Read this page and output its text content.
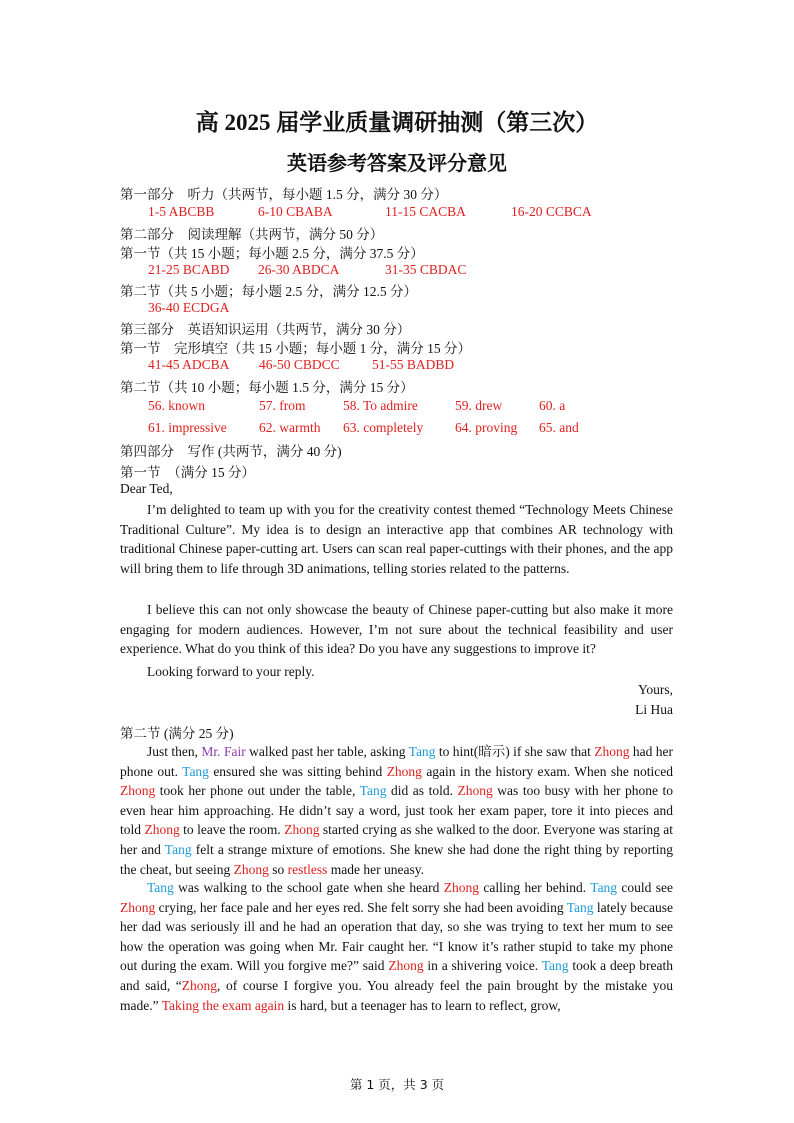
高 2025 届学业质量调研抽测（第三次）
英语参考答案及评分意见
第一部分　听力（共两节，每小题 1.5 分，满分 30 分）
1-5 ABCBB	6-10 CBABA	11-15 CACBA	16-20 CCBCA
第二部分　阅读理解（共两节，满分 50 分）
第一节（共 15 小题；每小题 2.5 分，满分 37.5 分）
21-25 BCABD 26-30 ABDCA	31-35 CBDAC
第二节（共 5 小题；每小题 2.5 分，满分 12.5 分）
36-40 ECDGA
第三部分　英语知识运用（共两节，满分 30 分）
第一节　完形填空（共 15 小题；每小题 1 分，满分 15 分）
41-45 ADCBA 46-50 CBDCC 51-55 BADBD
第二节（共 10 小题；每小题 1.5 分，满分 15 分）
56. known	57. from	58. To admire	59. drew	60. a
61. impressive 62. warmth 63. completely 64. proving 65. and
第四部分　写作 (共两节，满分 40 分)
第一节　（满分 15 分）
Dear Ted,

I’m delighted to team up with you for the creativity contest themed “Technology Meets Chinese Traditional Culture”. My idea is to design an interactive app that combines AR technology with traditional Chinese paper-cutting art. Users can scan real paper-cuttings with their phones, and the app will bring them to life through 3D animations, telling stories related to the patterns.

I believe this can not only showcase the beauty of Chinese paper-cutting but also make it more engaging for modern audiences. However, I’m not sure about the technical feasibility and user experience. What do you think of this idea? Do you have any suggestions to improve it?

Looking forward to your reply.

Yours,
Li Hua
第二节 (满分 25 分)

Just then, Mr. Fair walked past her table, asking Tang to hint(暗示) if she saw that Zhong had her phone out. Tang ensured she was sitting behind Zhong again in the history exam. When she noticed Zhong took her phone out under the table, Tang did as told. Zhong was too busy with her phone to even hear him approaching. He didn’t say a word, just took her exam paper, tore it into pieces and told Zhong to leave the room. Zhong started crying as she walked to the door. Everyone was staring at her and Tang felt a strange mixture of emotions. She knew she had done the right thing by reporting the cheat, but seeing Zhong so restless made her uneasy.

Tang was walking to the school gate when she heard Zhong calling her behind. Tang could see Zhong crying, her face pale and her eyes red. She felt sorry she had been avoiding Tang lately because her dad was seriously ill and he had an operation that day, so she was trying to text her mum to see how the operation was going when Mr. Fair caught her. “I know it’s rather stupid to take my phone out during the exam. Will you forgive me?” said Zhong in a shivering voice. Tang took a deep breath and said, “Zhong, of course I forgive you. You already feel the pain brought by the mistake you made.” Taking the exam again is hard, but a teenager has to learn to reflect, grow,

第 1 页，共 3 页
